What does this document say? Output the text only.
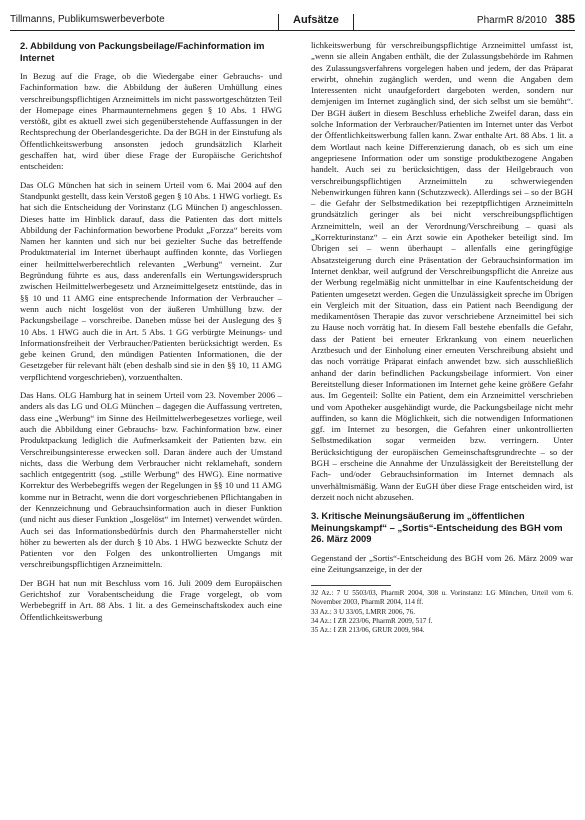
Tillmanns, Publikumswerbeverbote	Aufsätze	PharmR 8/2010 385
2. Abbildung von Packungsbeilage/Fachinformation im Internet

In Bezug auf die Frage, ob die Wiedergabe einer Gebrauchs- und Fachinformation bzw. die Abbildung der äußeren Umhüllung eines verschreibungspflichtigen Arzneimittels im nicht passwortgeschützten Teil der Homepage eines Pharmaunternehmens gegen § 10 Abs. 1 HWG verstößt, gibt es aktuell zwei sich gegenüberstehende Auffassungen in der Rechtsprechung der Oberlandesgerichte. Da der BGH in der Einstufung als Öffentlichkeitswerbung ansonsten jedoch grundsätzlich Klarheit geschaffen hat, wird über diese Frage der Europäische Gerichtshof entscheiden:

Das OLG München hat sich in seinem Urteil vom 6. Mai 2004 auf den Standpunkt gestellt, dass kein Verstoß gegen § 10 Abs. 1 HWG vorliegt. Es hat sich die Entscheidung der Vorinstanz (LG München I) angeschlossen. Dieses hatte im Hinblick darauf, dass die Patienten das dort mittels Abbildung der Fachinformation beworbene Produkt „Forzza“ bereits vom Namen her kannten und sich nur bei gezielter Suche das betreffende Produktmaterial im Internet überhaupt auffinden konnte, das Vorliegen einer heilmittelwerberechtlich relevanten „Werbung“ verneint. Zur Begründung führte es aus, dass anderenfalls ein Wertungswiderspruch zwischen Heilmittelwerbegesetz und Arzneimittelgesetz entstünde, das in §§ 10 und 11 AMG eine entsprechende Information der Verbraucher – wenn auch nicht losgelöst von der äußeren Umhüllung bzw. der Packungsbeilage – vorschreibe. Daneben müsse bei der Auslegung des § 10 Abs. 1 HWG auch die in Art. 5 Abs. 1 GG verbürgte Meinungs- und Informationsfreiheit der Verbraucher/Patienten berücksichtigt werden. Es gebe keinen Grund, den mündigen Patienten Informationen, die der Gesetzgeber für relevant hält (eben deshalb sind sie in den §§ 10, 11 AMG verpflichtend vorgeschrieben), vorzuenthalten.

Das Hans. OLG Hamburg hat in seinem Urteil vom 23. November 2006 – anders als das LG und OLG München – dagegen die Auffassung vertreten, dass eine „Werbung“ im Sinne des Heilmittelwerbegesetzes vorliege, weil auch die Abbildung einer Gebrauchs- bzw. Fachinformation bzw. einer Produktpackung lediglich die Aufmerksamkeit der Patienten bzw. ein Verschreibungsinteresse erwecken soll. Daran ändere auch der Umstand nichts, dass die Werbung dem Verbraucher nicht reklamehaft, sondern sachlich entgegentritt (sog. „stille Werbung“ des HWG). Eine normative Korrektur des Werbebegriffs wegen der Regelungen in §§ 10 und 11 AMG komme nur in Betracht, wenn die dort vorgeschriebenen Pflichtangaben in der Kennzeichnung und Gebrauchsinformation auch in dieser Funktion (und nicht aus dieser Funktion „losgelöst“ im Internet) verwendet würden. Auch sei das Informationsbedürfnis durch den Pharmahersteller nicht höher zu bewerten als der durch § 10 Abs. 1 HWG bezweckte Schutz der Patienten vor den Folgen des unkontrollierten Umgangs mit verschreibungspflichtigen Arzneimitteln.

Der BGH hat nun mit Beschluss vom 16. Juli 2009 dem Europäischen Gerichtshof zur Vorabentscheidung die Frage vorgelegt, ob vom Werbebegriff in Art. 88 Abs. 1 lit. a des Gemeinschaftskodex auch eine Öffentlichkeitswerbung

lichkeitswerbung für verschreibungspflichtige Arzneimittel umfasst ist, „wenn sie allein Angaben enthält, die der Zulassungsbehörde im Rahmen des Zulassungsverfahrens vorgelegen haben und jedem, der das Präparat erwirbt, ohnehin zugänglich werden, und wenn die Angaben dem Interessenten nicht unaufgefordert dargeboten werden, sondern nur demjenigen im Internet zugänglich sind, der sich selbst um sie bemüht“. Der BGH äußert in diesem Beschluss erhebliche Zweifel daran, dass ein solche Information der Verbraucher/Patienten im Internet unter das Verbot der Öffentlichkeitswerbung fallen kann. Zwar enthalte Art. 88 Abs. 1 lit. a dem Wortlaut nach keine Differenzierung danach, ob es sich um eine angepriesene Information oder um sonstige produktbezogene Angaben handelt. Auch sei zu berücksichtigen, dass der Heilgebrauch von verschreibungspflichtigen Arzneimitteln zu schwerwiegenden Nebenwirkungen führen kann (Schutzzweck). Allerdings sei – so der BGH – die Gefahr der Selbstmedikation bei rezeptpflichtigen Arzneimitteln grundsätzlich geringer als bei nicht verschreibungspflichtigen Arzneimitteln, weil an der Verordnung/Verschreibung – quasi als „Korrekturinstanz“ – ein Arzt sowie ein Apotheker beteiligt sind. Im Übrigen sei – wenn überhaupt – allenfalls eine geringfügige Absatzsteigerung durch eine Präsentation der Gebrauchsinformation im Internet denkbar, weil aufgrund der Verschreibungspflicht die Anreize aus der Werbung regelmäßig nicht unmittelbar in eine Kaufentscheidung der Patienten umgesetzt werden. Gegen die Unzulässigkeit spreche im Übrigen ein Vergleich mit der Situation, dass ein Patient nach Beendigung der medikamentösen Therapie das zuvor verschriebene Arzneimittel bei sich zu Hause noch vorrätig hat. In diesem Fall bestehe ebenfalls die Gefahr, dass der Patient bei erneuter Erkrankung von einem neuerlichen Arztbesuch und der Einholung einer erneuten Verschreibung absieht und das noch vorrätige Präparat einfach anwendet bzw. sich ausschließlich anhand der darin befindlichen Packungsbeilage informiert. Von einer Bereitstellung dieser Informationen im Internet gehe keine größere Gefahr aus. Im Gegenteil: Sollte ein Patient, dem ein Arzneimittel verschrieben und vom Apotheker ausgehändigt wurde, die Packungsbeilage nicht mehr auffinden, so kann die Möglichkeit, sich die notwendigen Informationen ggf. im Internet zu besorgen, die Gefahren einer unkontrollierten Selbstmedikation sogar vermeiden bzw. verringern. Unter Berücksichtigung der europäischen Gemeinschaftsgrundrechte – so der BGH – erscheine die Annahme der Unzulässigkeit der Bereitstellung der Fach- und/oder Gebrauchsinformation im Internet demnach als unverhältnismäßig. Wann der EuGH über diese Frage entscheiden wird, ist derzeit noch nicht abzusehen.

3. Kritische Meinungsäußerung im „öffentlichen Meinungskampf“ – „Sortis“-Entscheidung des BGH vom 26. März 2009

Gegenstand der „Sortis“-Entscheidung des BGH vom 26. März 2009 war eine Zeitungsanzeige, in der der

32 Az.: 7 U 5503/03, PharmR 2004, 308 u. Vorinstanz: LG München, Urteil vom 6. November 2003, PharmR 2004, 114 ff.
33 Az.: 3 U 33/05, LMRR 2006, 76.
34 Az.: I ZR 223/06, PharmR 2009, 517 f.
35 Az.: I ZR 213/06, GRUR 2009, 984.
